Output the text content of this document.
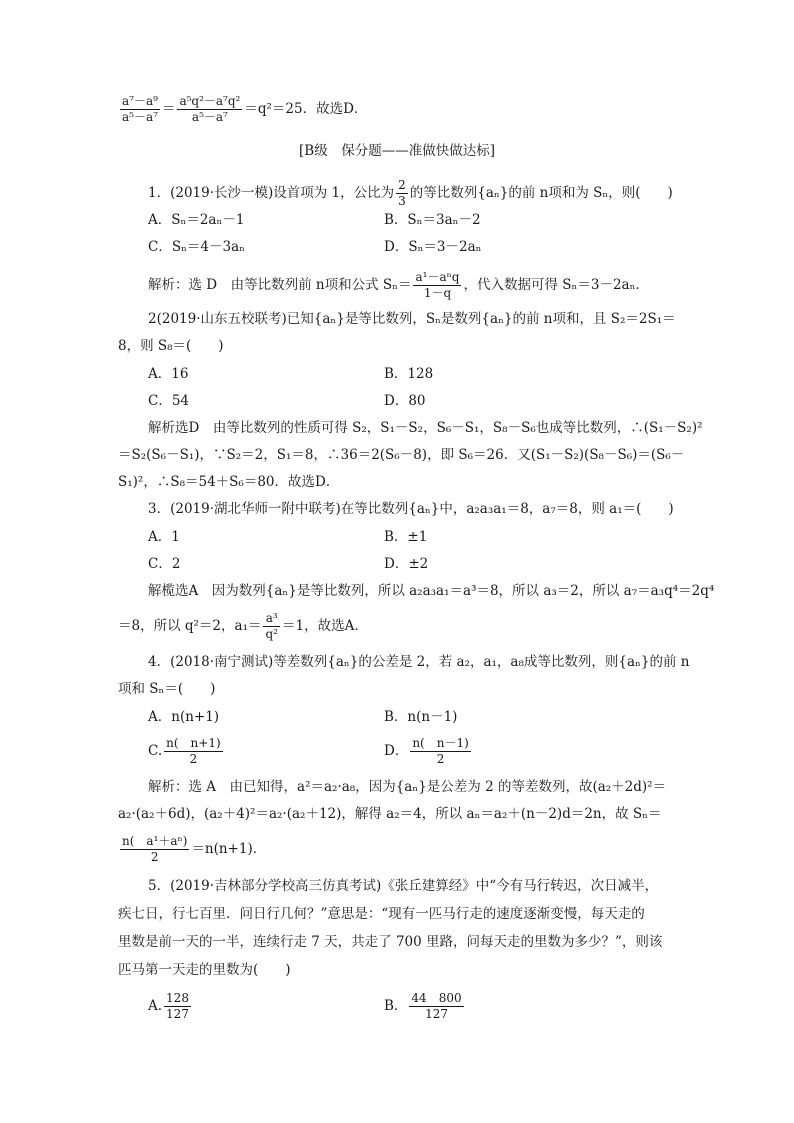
$\frac{\text{a⁷－a⁹}}{\text{a⁵－a⁷}} = \frac{\text{a⁵q²－a⁷q²}}{\text{a⁵－a⁷}} =q^2=25$．故选D．
[B级　保分题——准做快做达标]
1．(2019·长沙一模)设首项为 1，公比为 $\frac{2}{3}$ 的等比数列{aₙ}的前 n项和为 Sₙ，则(　　)
A．Sₙ＝2aₙ－1	B．Sₙ＝3aₙ－2
C．Sₙ＝4－3aₙ	D．Sₙ＝3－2aₙ
解析：选 D　由等比数列前 n项和公式 $S_n= \frac{\text{a¹－aⁿq}}{1-q}$ ，代入数据可得 Sₙ＝3－2aₙ.
2(2019·山东五校联考)已知{aₙ}是等比数列，Sₙ是数列{aₙ}的前 n项和，且 S₂＝2S₁＝
8，则 S₈＝(　　)
A．16	B．128
C．54	D．80
解析选D　由等比数列的性质可得 S₂，S₁－S₂，S₆－S₁，S₈－S₆也成等比数列，∴(S₁－S₂)²
＝S₂(S₆－S₁)，∵S₂＝2，S₁＝8，∴36＝2(S₆－8)，即 S₆＝26．又(S₁－S₂)(S₈－S₆)＝(S₆－
S₁)²，∴S₈＝54＋S₆＝80．故选D．
3．(2019·湖北华师一附中联考)在等比数列{aₙ}中，a₂a₃a₁＝8，a₇＝8，则 a₁＝(　　)
A．1	B．±1
C．2	D．±2
解榄选A　因为数列{aₙ}是等比数列，所以 a₂a₃a₁＝a³＝8，所以 a₃＝2，所以 a₇＝a₃q⁴＝2q⁴
＝8，所以 q²＝2，$a_1= \frac{\text{a³}}{\text{q²}} =1$，故选A．
4．(2018·南宁测试)等差数列{aₙ}的公差是 2，若 a₂，a₁，a₈成等比数列，则{aₙ}的前 n
项和 Sₙ＝(　　)
A．n(n+1)	B．n(n－1)
C. $\frac{n( n+1)}{2}$	D． $\frac{n( n-1)}{2}$
解析：选 A　由已知得，a²＝a₂·a₈，因为{aₙ}是公差为 2 的等差数列，故(a₂＋2d)²＝
a₂·(a₂＋6d)，(a₂＋4)²＝a₂·(a₂＋12)，解得 a₂＝4，所以 aₙ＝a₂＋(n－2)d＝2n，故 Sₙ＝
$\frac{\text{n(　a¹＋aⁿ)}}{2} =n(n+1)$．
5．(2019·吉林部分学校高三仿真考试)《张丘建算经》中“今有马行转迟，次日减半，
疾七日，行七百里．问日行几何？”意思是：“现有一匹马行走的速度逐渐变慢，每天走的
里数是前一天的一半，连续行走 7 天，共走了 700 里路，问每天走的里数为多少？”，则该
匹马第一天走的里数为(　　)
A. $\frac{128}{127}$	B． $\frac{44 800}{127}$
